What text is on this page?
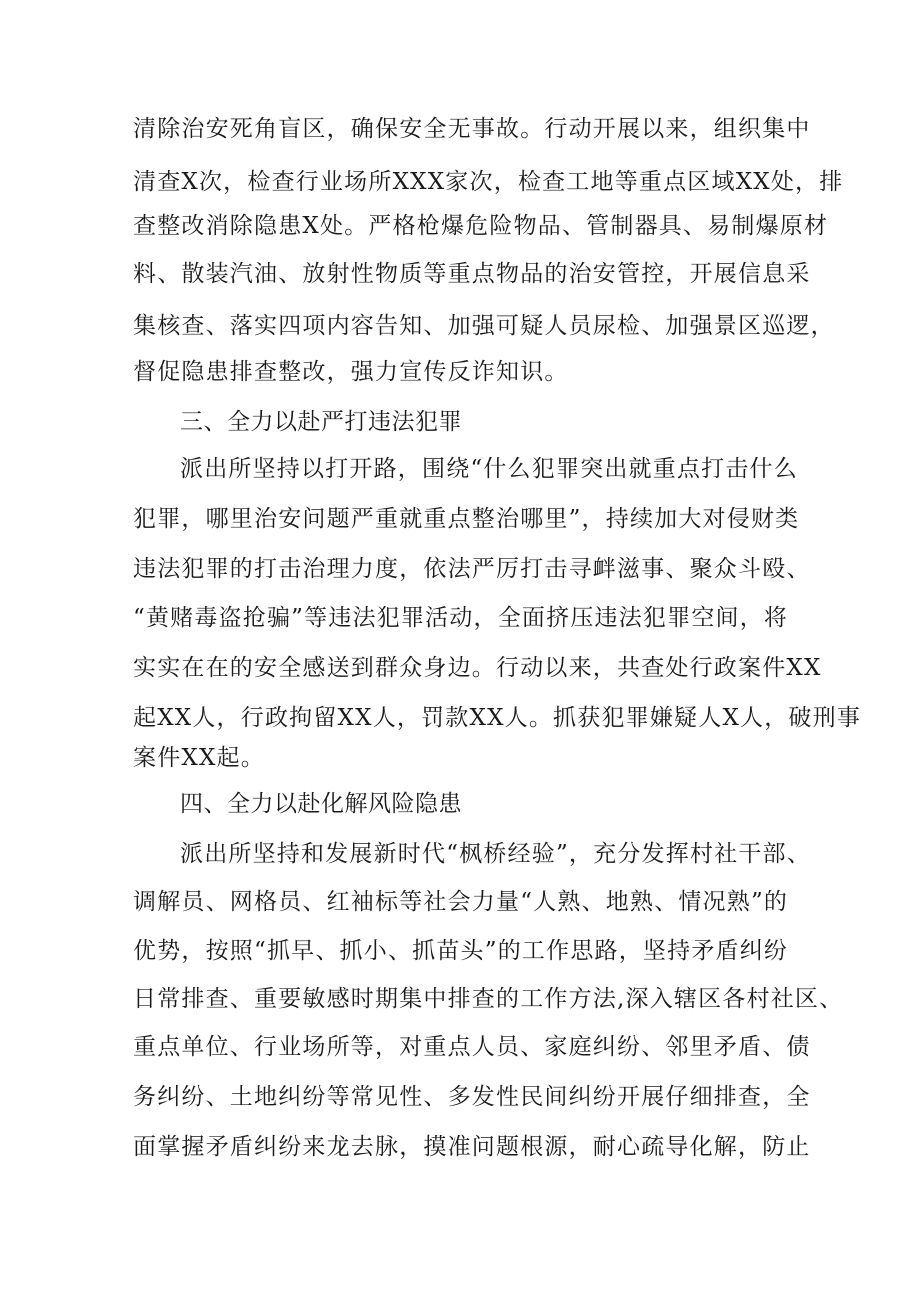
清除治安死角盲区，确保安全无事故。行动开展以来，组织集中
清查X次，检查行业场所XXX家次，检查工地等重点区域XX处，排
查整改消除隐患X处。严格枪爆危险物品、管制器具、易制爆原材
料、散装汽油、放射性物质等重点物品的治安管控，开展信息采
集核查、落实四项内容告知、加强可疑人员尿检、加强景区巡逻，
督促隐患排查整改，强力宣传反诈知识。
三、全力以赴严打违法犯罪
派出所坚持以打开路，围绕“什么犯罪突出就重点打击什么
犯罪，哪里治安问题严重就重点整治哪里”，持续加大对侵财类
违法犯罪的打击治理力度，依法严厉打击寻衅滋事、聚众斗殴、
“黄赌毒盗抢骗”等违法犯罪活动，全面挤压违法犯罪空间，将
实实在在的安全感送到群众身边。行动以来，共查处行政案件XX
起XX人，行政拘留XX人，罚款XX人。抓获犯罪嫌疑人X人，破刑事
案件XX起。
四、全力以赴化解风险隐患
派出所坚持和发展新时代“枫桥经验”，充分发挥村社干部、
调解员、网格员、红袖标等社会力量“人熟、地熟、情况熟”的
优势，按照“抓早、抓小、抓苗头”的工作思路，坚持矛盾纠纷
日常排查、重要敏感时期集中排查的工作方法,深入辖区各村社区、
重点单位、行业场所等，对重点人员、家庭纠纷、邻里矛盾、债
务纠纷、土地纠纷等常见性、多发性民间纠纷开展仔细排查，全
面掌握矛盾纠纷来龙去脉，摸准问题根源，耐心疏导化解，防止
